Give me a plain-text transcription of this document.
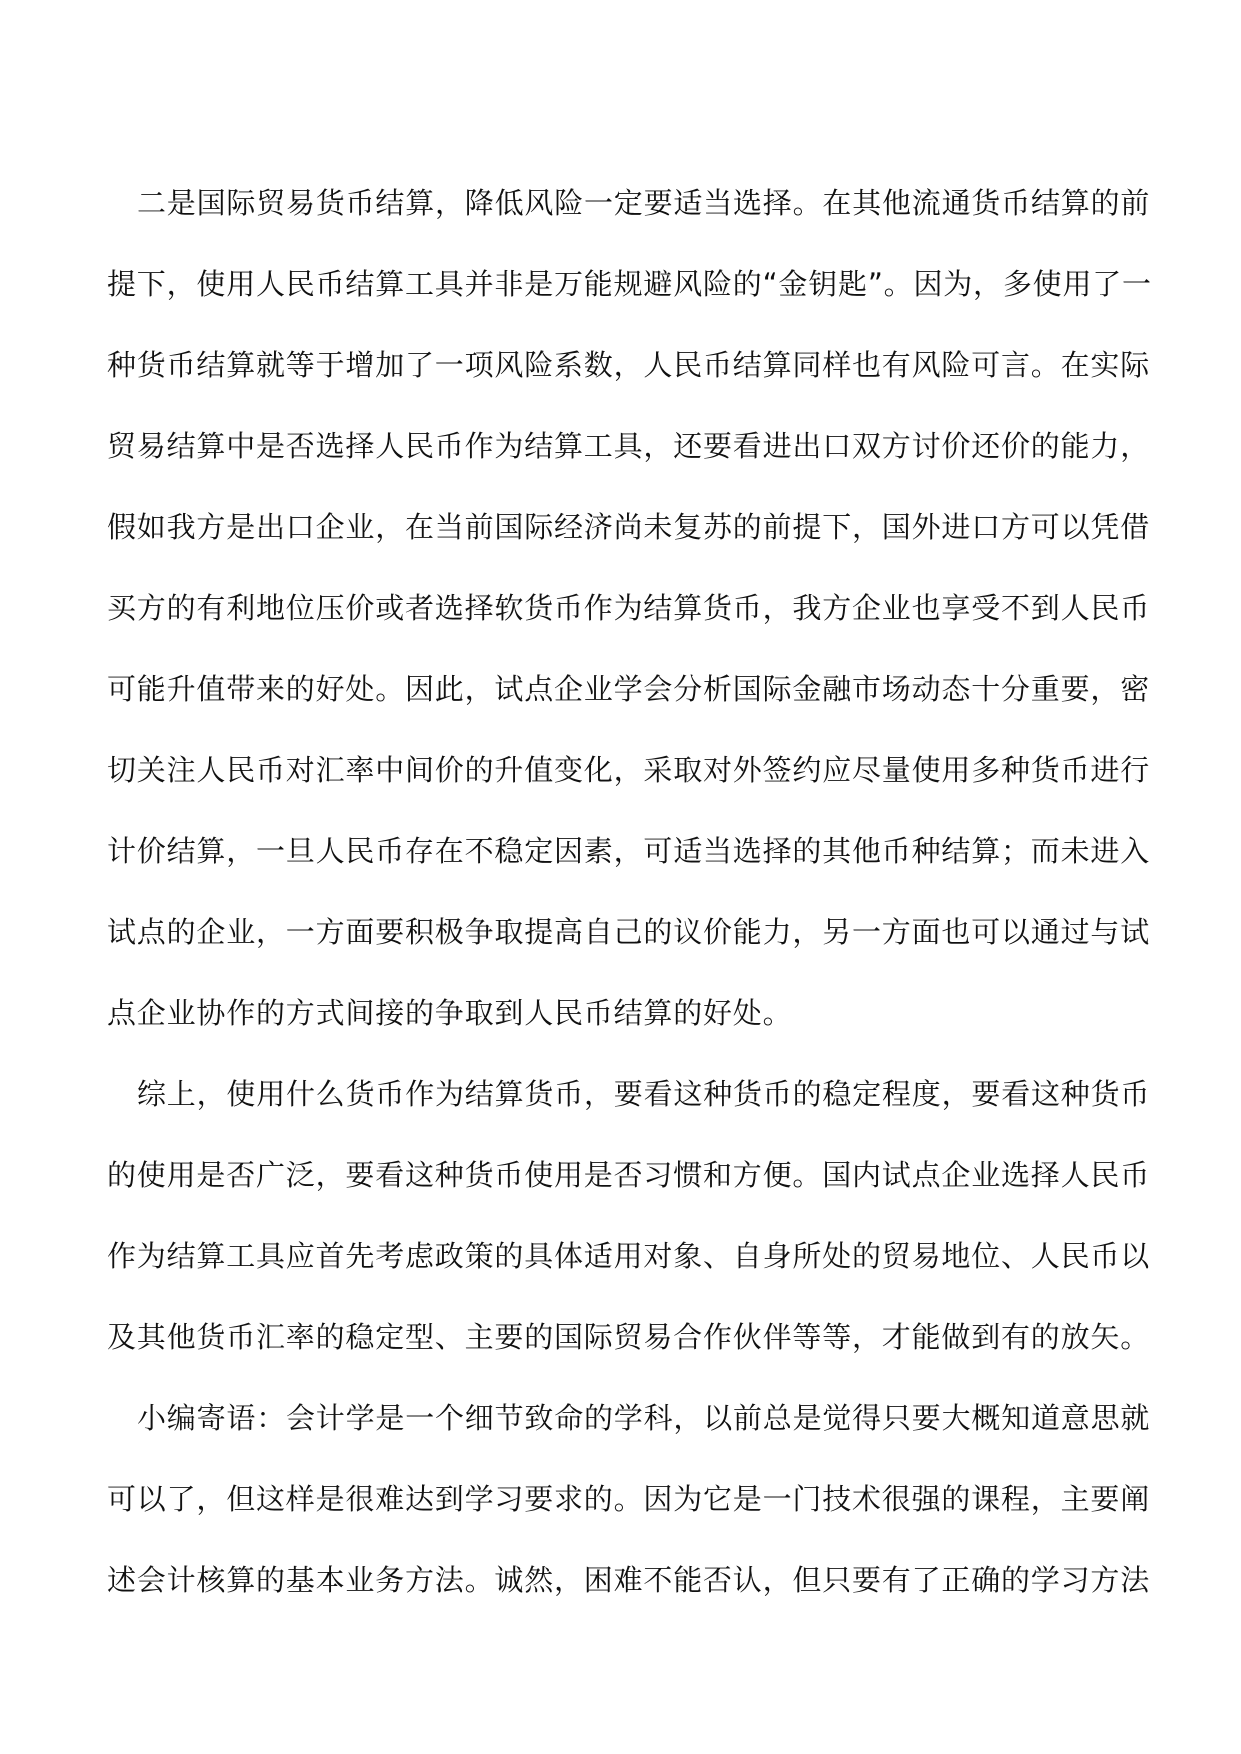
二是国际贸易货币结算，降低风险一定要适当选择。在其他流通货币结算的前
提下，使用人民币结算工具并非是万能规避风险的“金钥匙”。因为，多使用了一
种货币结算就等于增加了一项风险系数，人民币结算同样也有风险可言。在实际
贸易结算中是否选择人民币作为结算工具，还要看进出口双方讨价还价的能力，
假如我方是出口企业，在当前国际经济尚未复苏的前提下，国外进口方可以凭借
买方的有利地位压价或者选择软货币作为结算货币，我方企业也享受不到人民币
可能升值带来的好处。因此，试点企业学会分析国际金融市场动态十分重要，密
切关注人民币对汇率中间价的升值变化，采取对外签约应尽量使用多种货币进行
计价结算，一旦人民币存在不稳定因素，可适当选择的其他币种结算；而未进入
试点的企业，一方面要积极争取提高自己的议价能力，另一方面也可以通过与试
点企业协作的方式间接的争取到人民币结算的好处。

综上，使用什么货币作为结算货币，要看这种货币的稳定程度，要看这种货币
的使用是否广泛，要看这种货币使用是否习惯和方便。国内试点企业选择人民币
作为结算工具应首先考虑政策的具体适用对象、自身所处的贸易地位、人民币以
及其他货币汇率的稳定型、主要的国际贸易合作伙伴等等，才能做到有的放矢。

小编寄语：会计学是一个细节致命的学科，以前总是觉得只要大概知道意思就
可以了，但这样是很难达到学习要求的。因为它是一门技术很强的课程，主要阐
述会计核算的基本业务方法。诚然，困难不能否认，但只要有了正确的学习方法
